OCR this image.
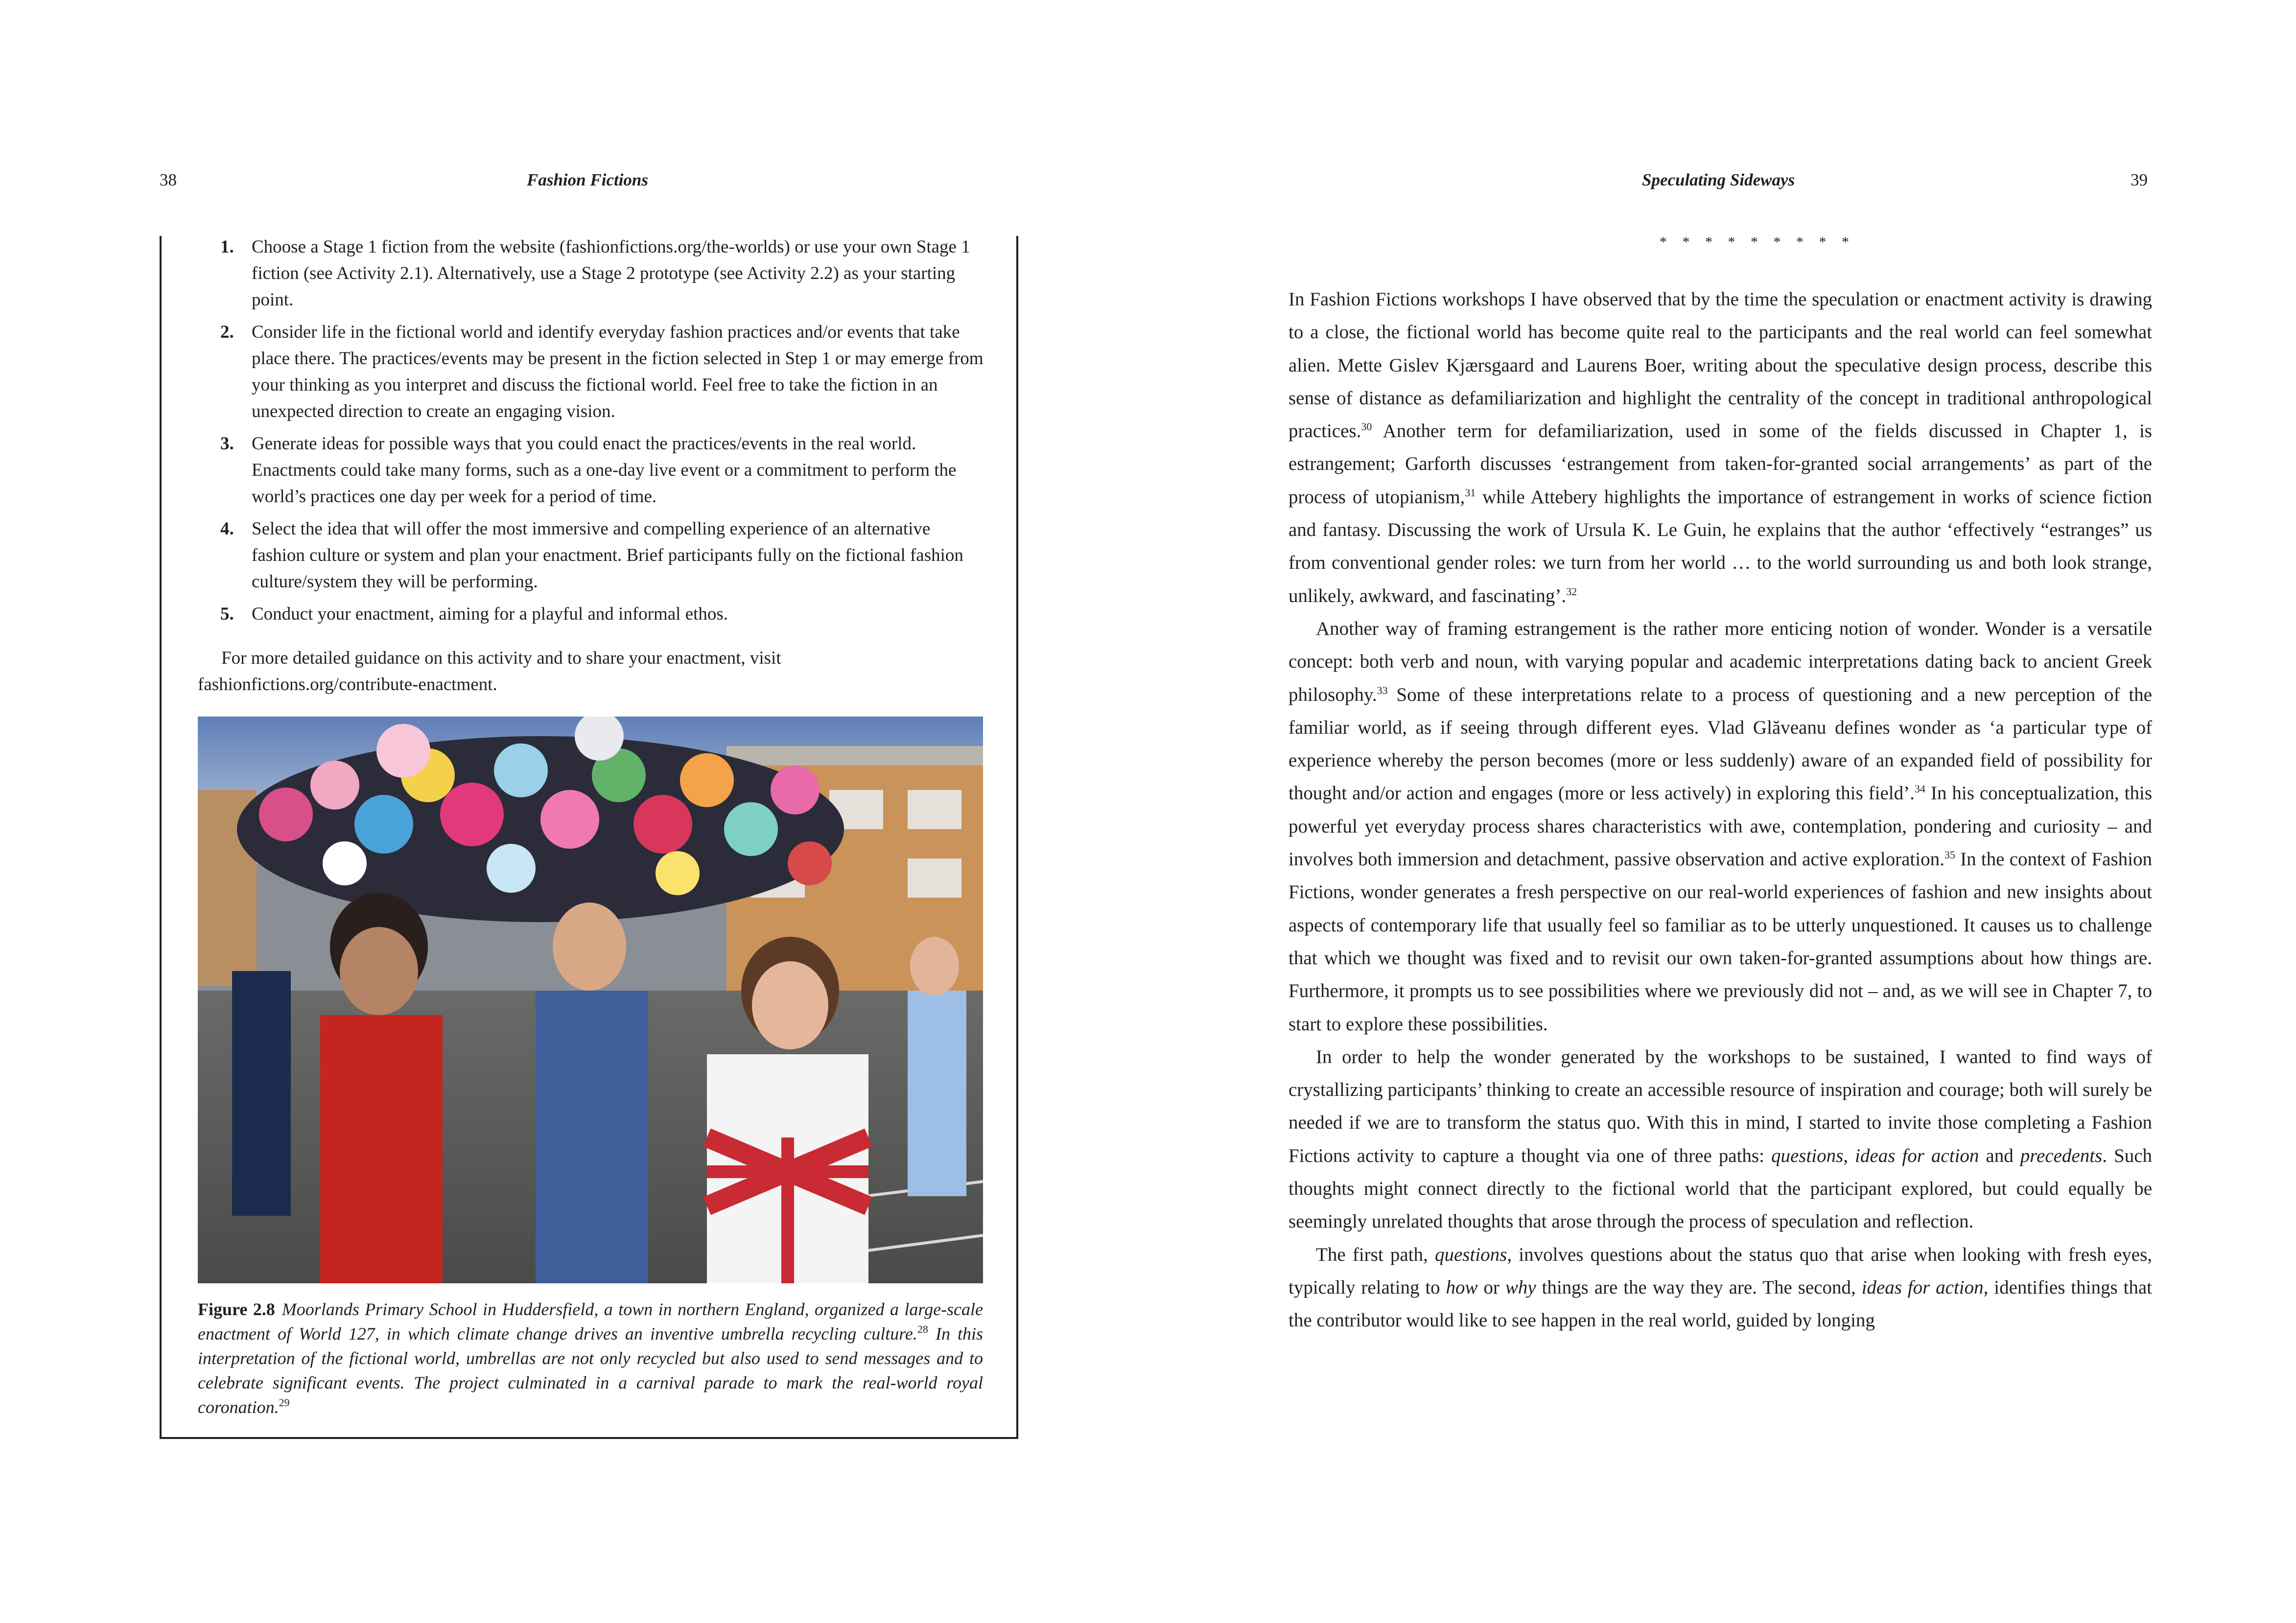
38	Fashion Fictions
1. Choose a Stage 1 fiction from the website (fashionfictions.org/the-worlds) or use your own Stage 1 fiction (see Activity 2.1). Alternatively, use a Stage 2 prototype (see Activity 2.2) as your starting point.
2. Consider life in the fictional world and identify everyday fashion practices and/or events that take place there. The practices/events may be present in the fiction selected in Step 1 or may emerge from your thinking as you interpret and discuss the fictional world. Feel free to take the fiction in an unexpected direction to create an engaging vision.
3. Generate ideas for possible ways that you could enact the practices/events in the real world. Enactments could take many forms, such as a one-day live event or a commitment to perform the world’s practices one day per week for a period of time.
4. Select the idea that will offer the most immersive and compelling experience of an alternative fashion culture or system and plan your enactment. Brief participants fully on the fictional fashion culture/system they will be performing.
5. Conduct your enactment, aiming for a playful and informal ethos.

For more detailed guidance on this activity and to share your enactment, visit fashionfictions.org/contribute-enactment.

Figure 2.8 Moorlands Primary School in Huddersfield, a town in northern England, organized a large-scale enactment of World 127, in which climate change drives an inventive umbrella recycling culture.$^{28}$ In this interpretation of the fictional world, umbrellas are not only recycled but also used to send messages and to celebrate significant events. The project culminated in a carnival parade to mark the real-world royal coronation.$^{29}$
Speculating Sideways	39
* * * * * * * * *

In Fashion Fictions workshops I have observed that by the time the speculation or enactment activity is drawing to a close, the fictional world has become quite real to the participants and the real world can feel somewhat alien. Mette Gislev Kjærsgaard and Laurens Boer, writing about the speculative design process, describe this sense of distance as defamiliarization and highlight the centrality of the concept in traditional anthropological practices.$^{30}$ Another term for defamiliarization, used in some of the fields discussed in Chapter 1, is estrangement; Garforth discusses ‘estrangement from taken-for-granted social arrangements’ as part of the process of utopianism,$^{31}$ while Attebery highlights the importance of estrangement in works of science fiction and fantasy. Discussing the work of Ursula K. Le Guin, he explains that the author ‘effectively “estranges” us from conventional gender roles: we turn from her world … to the world surrounding us and both look strange, unlikely, awkward, and fascinating’.$^{32}$

Another way of framing estrangement is the rather more enticing notion of wonder. Wonder is a versatile concept: both verb and noun, with varying popular and academic interpretations dating back to ancient Greek philosophy.$^{33}$ Some of these interpretations relate to a process of questioning and a new perception of the familiar world, as if seeing through different eyes. Vlad Glăveanu defines wonder as ‘a particular type of experience whereby the person becomes (more or less suddenly) aware of an expanded field of possibility for thought and/or action and engages (more or less actively) in exploring this field’.$^{34}$ In his conceptualization, this powerful yet everyday process shares characteristics with awe, contemplation, pondering and curiosity – and involves both immersion and detachment, passive observation and active exploration.$^{35}$ In the context of Fashion Fictions, wonder generates a fresh perspective on our real-world experiences of fashion and new insights about aspects of contemporary life that usually feel so familiar as to be utterly unquestioned. It causes us to challenge that which we thought was fixed and to revisit our own taken-for-granted assumptions about how things are. Furthermore, it prompts us to see possibilities where we previously did not – and, as we will see in Chapter 7, to start to explore these possibilities.

In order to help the wonder generated by the workshops to be sustained, I wanted to find ways of crystallizing participants’ thinking to create an accessible resource of inspiration and courage; both will surely be needed if we are to transform the status quo. With this in mind, I started to invite those completing a Fashion Fictions activity to capture a thought via one of three paths: questions, ideas for action and precedents. Such thoughts might connect directly to the fictional world that the participant explored, but could equally be seemingly unrelated thoughts that arose through the process of speculation and reflection.

The first path, questions, involves questions about the status quo that arise when looking with fresh eyes, typically relating to how or why things are the way they are. The second, ideas for action, identifies things that the contributor would like to see happen in the real world, guided by longing
